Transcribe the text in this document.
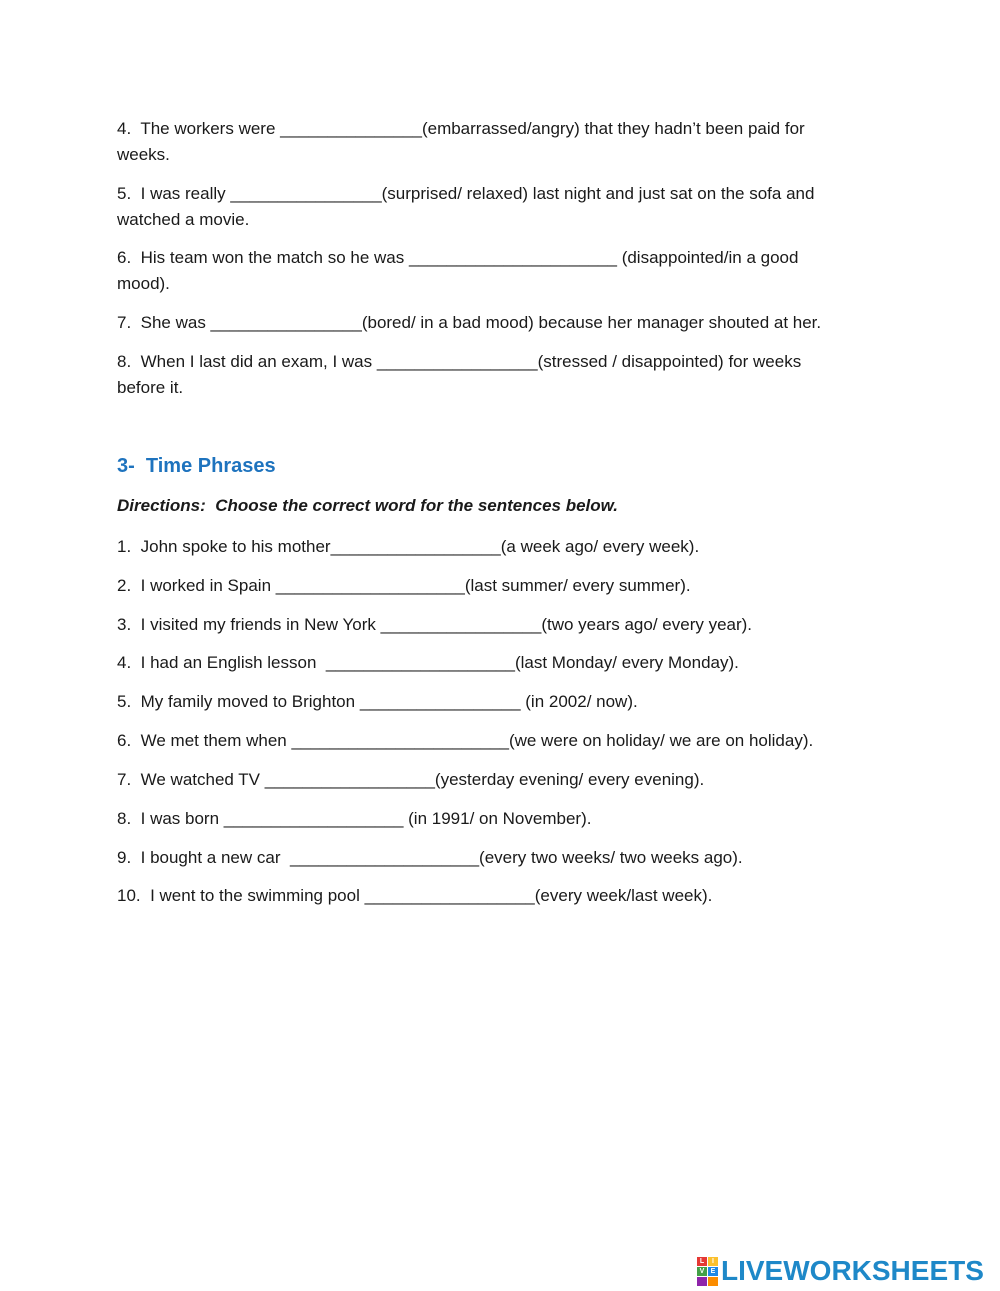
4.  The workers were _______________(embarrassed/angry) that they hadn’t been paid for
weeks.
5.  I was really ________________(surprised/ relaxed) last night and just sat on the sofa and
watched a movie.
6.  His team won the match so he was ______________________ (disappointed/in a good
mood).
7.  She was ________________(bored/ in a bad mood) because her manager shouted at her.
8.  When I last did an exam, I was _________________(stressed / disappointed) for weeks
before it.
3-  Time Phrases
Directions:  Choose the correct word for the sentences below.
1.  John spoke to his mother__________________(a week ago/ every week).
2.  I worked in Spain ____________________(last summer/ every summer).
3.  I visited my friends in New York _________________(two years ago/ every year).
4.  I had an English lesson  ____________________(last Monday/ every Monday).
5.  My family moved to Brighton _________________ (in 2002/ now).
6.  We met them when _______________________(we were on holiday/ we are on holiday).
7.  We watched TV __________________(yesterday evening/ every evening).
8.  I was born ___________________ (in 1991/ on November).
9.  I bought a new car  ____________________(every two weeks/ two weeks ago).
10.  I went to the swimming pool __________________(every week/last week).
L	I
V E LIVEWORKSHEETS
